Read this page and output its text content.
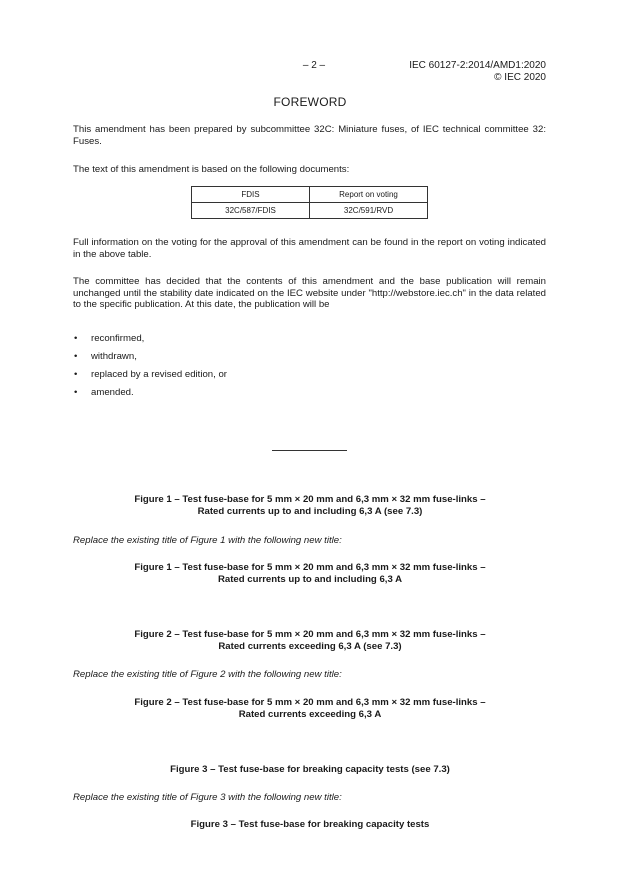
– 2 –	IEC 60127-2:2014/AMD1:2020
© IEC 2020
FOREWORD
This amendment has been prepared by subcommittee 32C: Miniature fuses, of IEC technical committee 32: Fuses.
The text of this amendment is based on the following documents:
FDIS	Report on voting
32C/587/FDIS	32C/591/RVD
Full information on the voting for the approval of this amendment can be found in the report on voting indicated in the above table.
The committee has decided that the contents of this amendment and the base publication will remain unchanged until the stability date indicated on the IEC website under "http://webstore.iec.ch" in the data related to the specific publication. At this date, the publication will be
• reconfirmed,
• withdrawn,
• replaced by a revised edition, or
• amended.
Figure 1 – Test fuse-base for 5 mm × 20 mm and 6,3 mm × 32 mm fuse-links –
Rated currents up to and including 6,3 A (see 7.3)
Replace the existing title of Figure 1 with the following new title:
Figure 1 – Test fuse-base for 5 mm × 20 mm and 6,3 mm × 32 mm fuse-links –
Rated currents up to and including 6,3 A
Figure 2 – Test fuse-base for 5 mm × 20 mm and 6,3 mm × 32 mm fuse-links –
Rated currents exceeding 6,3 A (see 7.3)
Replace the existing title of Figure 2 with the following new title:
Figure 2 – Test fuse-base for 5 mm × 20 mm and 6,3 mm × 32 mm fuse-links –
Rated currents exceeding 6,3 A
Figure 3 – Test fuse-base for breaking capacity tests (see 7.3)
Replace the existing title of Figure 3 with the following new title:
Figure 3 – Test fuse-base for breaking capacity tests
